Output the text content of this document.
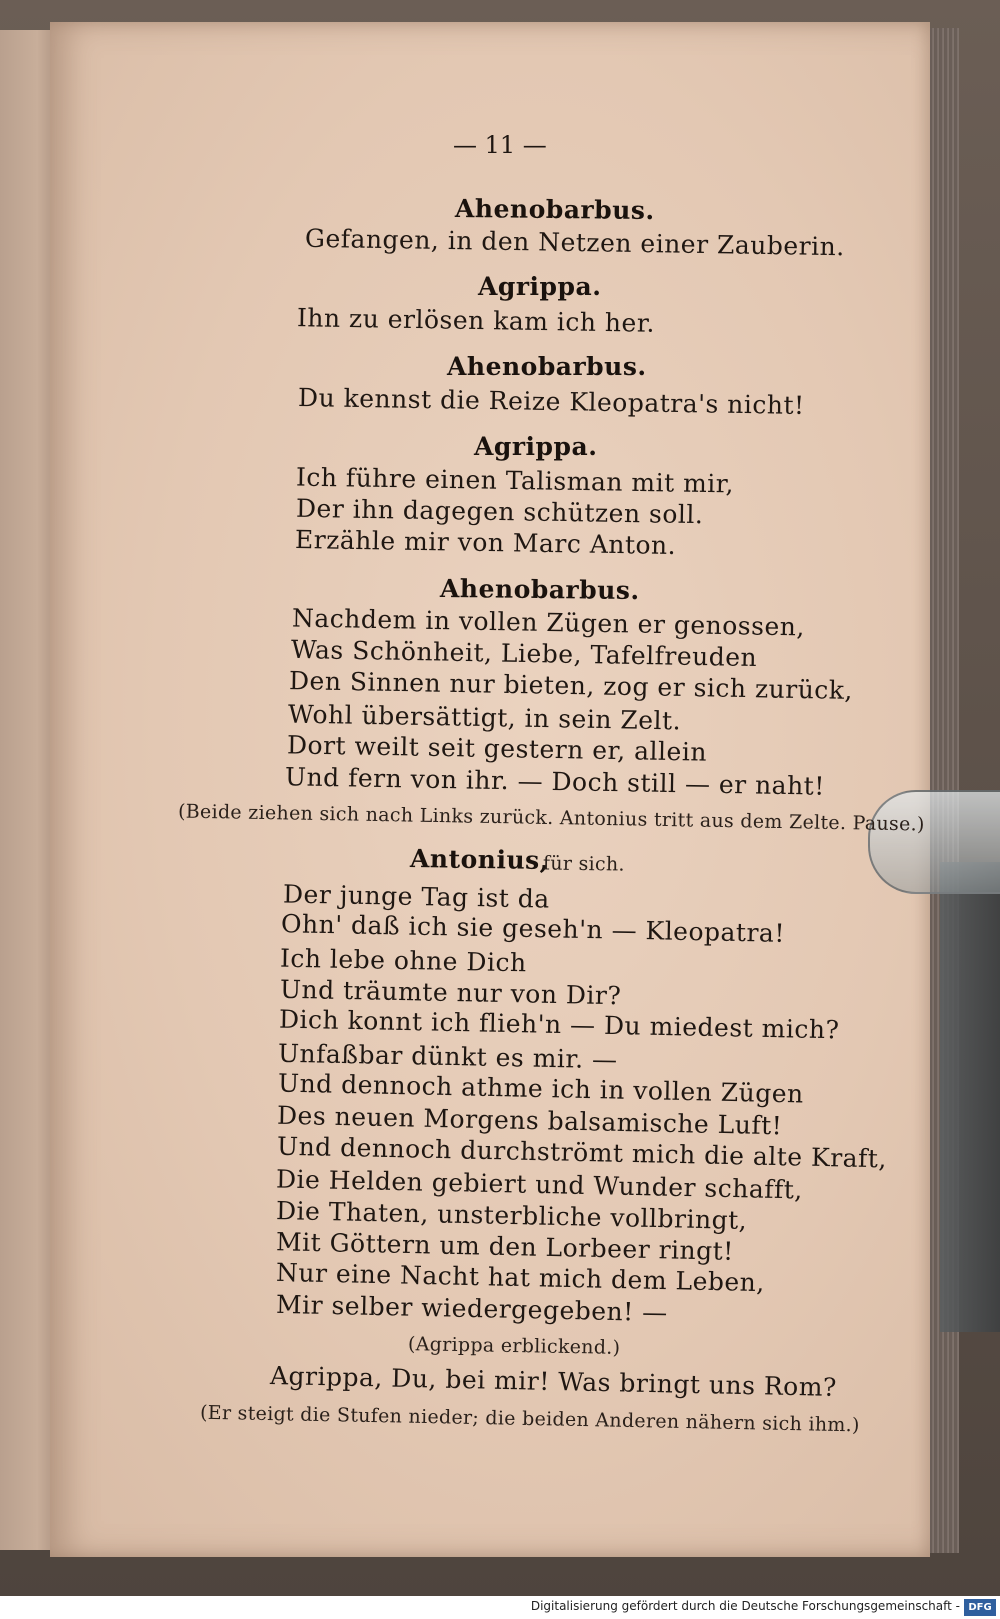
— 11 —
Ahenobarbus.
Gefangen, in den Netzen einer Zauberin.
Agrippa.
Ihn zu erlösen kam ich her.
Ahenobarbus.
Du kennst die Reize Kleopatra's nicht!
Agrippa.
Ich führe einen Talisman mit mir,
Der ihn dagegen schützen soll.
Erzähle mir von Marc Anton.
Ahenobarbus.
Nachdem in vollen Zügen er genossen,
Was Schönheit, Liebe, Tafelfreuden
Den Sinnen nur bieten, zog er sich zurück,
Wohl übersättigt, in sein Zelt.
Dort weilt seit gestern er, allein
Und fern von ihr. — Doch still — er naht!
(Beide ziehen sich nach Links zurück. Antonius tritt aus dem Zelte. Pause.)
Antonius,
für sich.
Der junge Tag ist da
Ohn' daß ich sie geseh'n — Kleopatra!
Ich lebe ohne Dich
Und träumte nur von Dir?
Dich konnt ich flieh'n — Du miedest mich?
Unfaßbar dünkt es mir. —
Und dennoch athme ich in vollen Zügen
Des neuen Morgens balsamische Luft!
Und dennoch durchströmt mich die alte Kraft,
Die Helden gebiert und Wunder schafft,
Die Thaten, unsterbliche vollbringt,
Mit Göttern um den Lorbeer ringt!
Nur eine Nacht hat mich dem Leben,
Mir selber wiedergegeben! —
(Agrippa erblickend.)
Agrippa, Du, bei mir! Was bringt uns Rom?
(Er steigt die Stufen nieder; die beiden Anderen nähern sich ihm.)
Digitalisierung gefördert durch die Deutsche Forschungsgemeinschaft - DFG
